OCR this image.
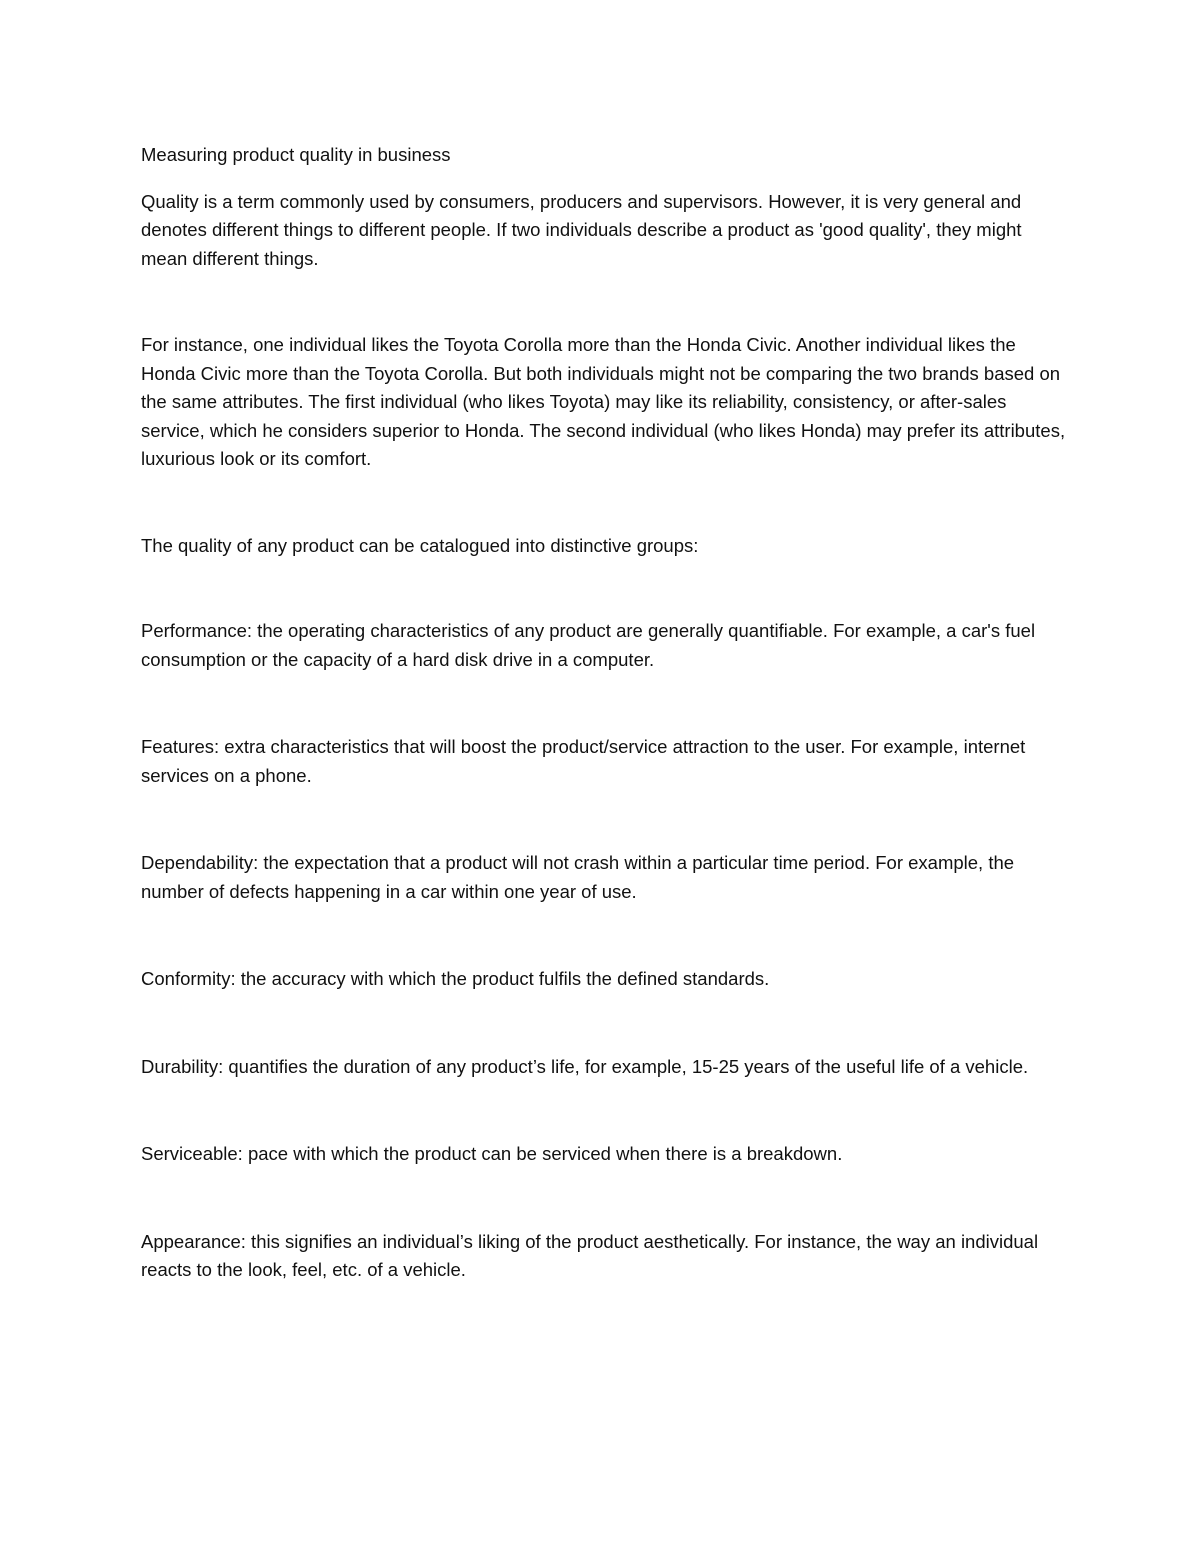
Measuring product quality in business

Quality is a term commonly used by consumers, producers and supervisors. However, it is very general and denotes different things to different people. If two individuals describe a product as 'good quality', they might mean different things.

For instance, one individual likes the Toyota Corolla more than the Honda Civic. Another individual likes the Honda Civic more than the Toyota Corolla. But both individuals might not be comparing the two brands based on the same attributes. The first individual (who likes Toyota) may like its reliability, consistency, or after-sales service, which he considers superior to Honda. The second individual (who likes Honda) may prefer its attributes, luxurious look or its comfort.

The quality of any product can be catalogued into distinctive groups:

Performance: the operating characteristics of any product are generally quantifiable. For example, a car's fuel consumption or the capacity of a hard disk drive in a computer.

Features: extra characteristics that will boost the product/service attraction to the user. For example, internet services on a phone.

Dependability: the expectation that a product will not crash within a particular time period. For example, the number of defects happening in a car within one year of use.

Conformity: the accuracy with which the product fulfils the defined standards.

Durability: quantifies the duration of any product’s life, for example, 15-25 years of the useful life of a vehicle.

Serviceable: pace with which the product can be serviced when there is a breakdown.

Appearance: this signifies an individual’s liking of the product aesthetically. For instance, the way an individual reacts to the look, feel, etc. of a vehicle.
